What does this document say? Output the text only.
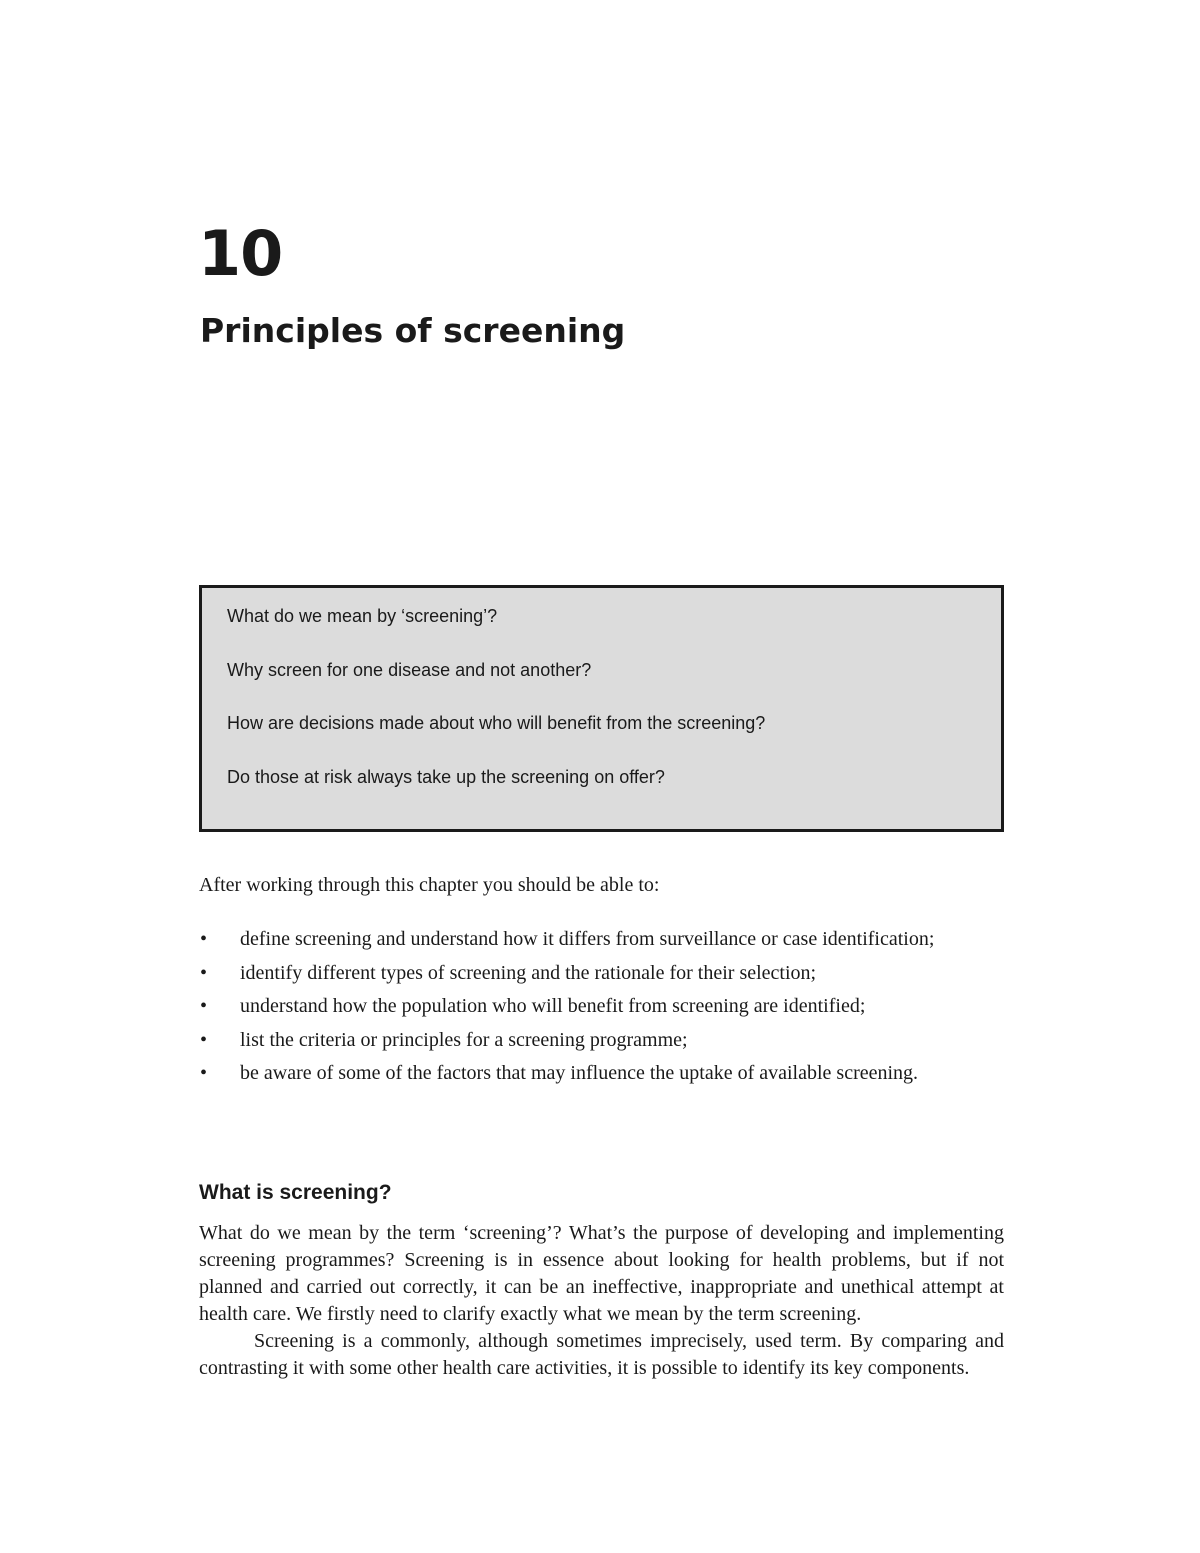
10
Principles of screening
What do we mean by ‘screening’?
Why screen for one disease and not another?
How are decisions made about who will benefit from the screening?
Do those at risk always take up the screening on offer?

After working through this chapter you should be able to:

• define screening and understand how it differs from surveillance or case identification;
• identify different types of screening and the rationale for their selection;
• understand how the population who will benefit from screening are identified;
• list the criteria or principles for a screening programme;
• be aware of some of the factors that may influence the uptake of available screening.
What is screening?

What do we mean by the term ‘screening’? What’s the purpose of developing and implementing screening programmes? Screening is in essence about looking for health problems, but if not planned and carried out correctly, it can be an ineffective, inappropriate and unethical attempt at health care. We firstly need to clarify exactly what we mean by the term screening.

Screening is a commonly, although sometimes imprecisely, used term. By comparing and contrasting it with some other health care activities, it is possible to identify its key components.
